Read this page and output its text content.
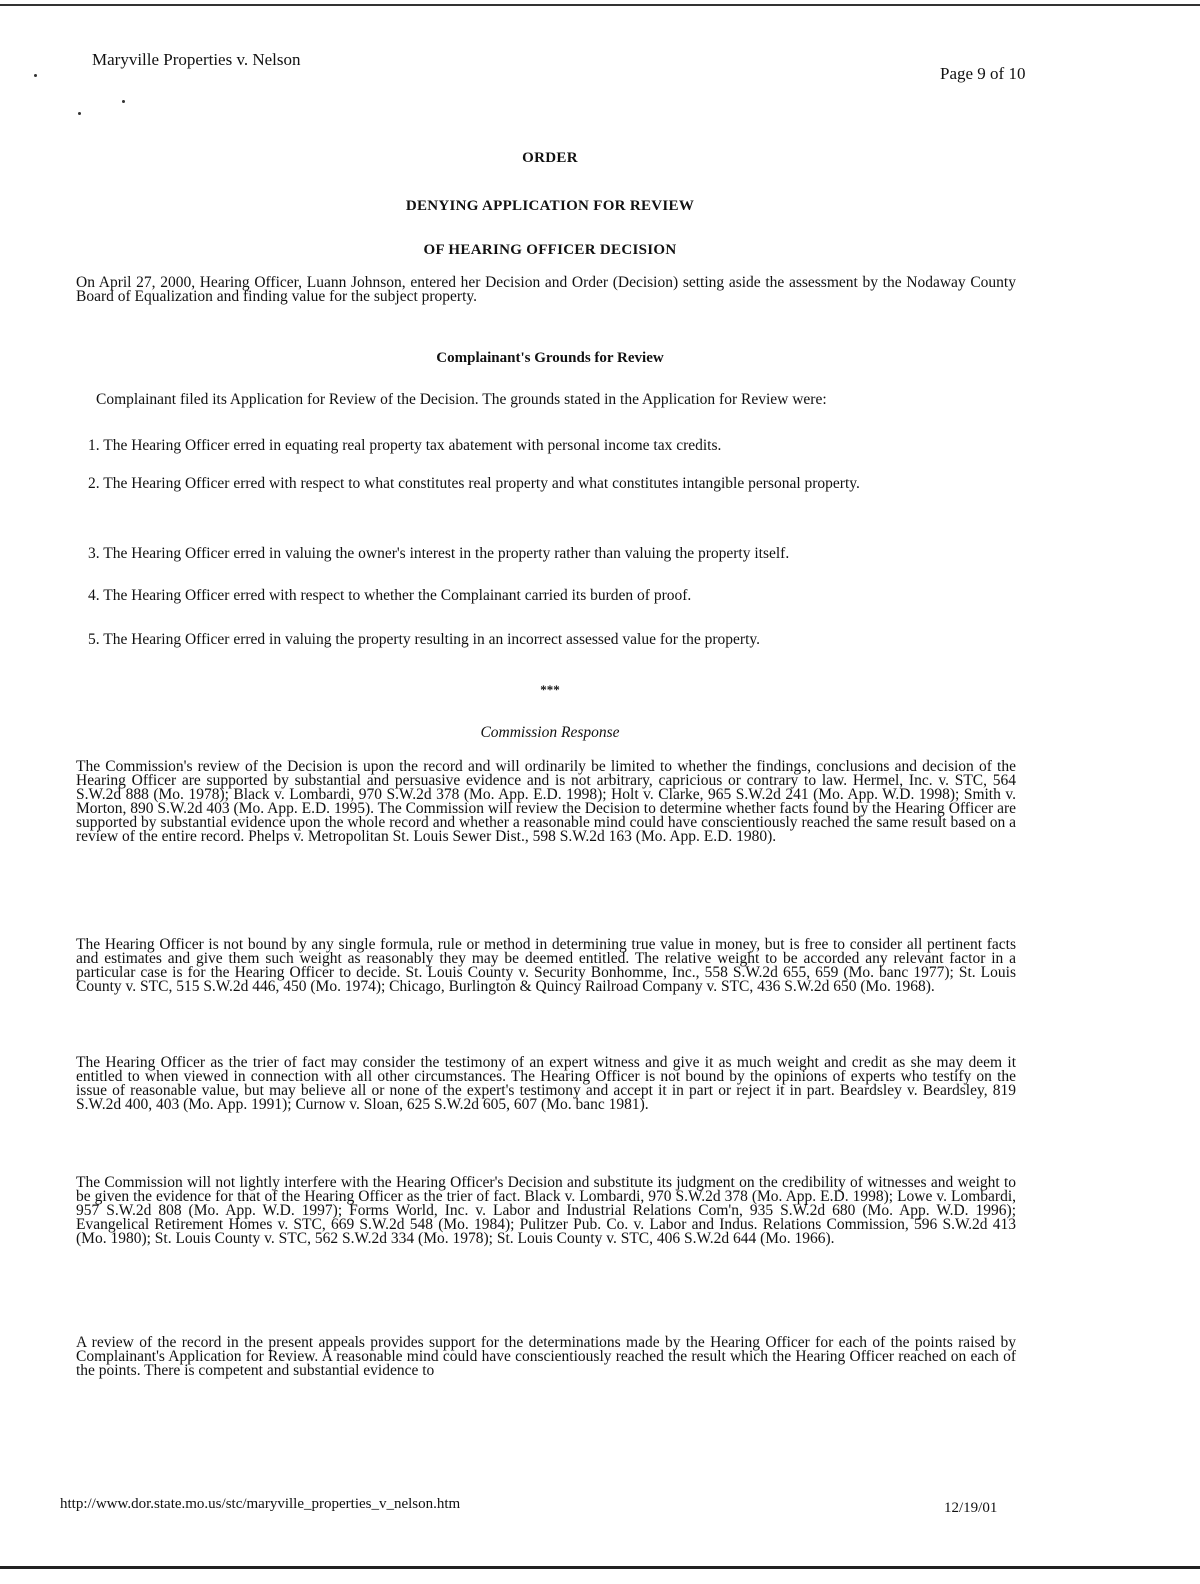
Maryville Properties v. Nelson
Page 9 of 10
ORDER
DENYING APPLICATION FOR REVIEW
OF HEARING OFFICER DECISION
On April 27, 2000, Hearing Officer, Luann Johnson, entered her Decision and Order (Decision) setting aside the assessment by the Nodaway County Board of Equalization and finding value for the subject property.
Complainant's Grounds for Review
Complainant filed its Application for Review of the Decision. The grounds stated in the Application for Review were:
1. The Hearing Officer erred in equating real property tax abatement with personal income tax credits.
2. The Hearing Officer erred with respect to what constitutes real property and what constitutes intangible personal property.
3. The Hearing Officer erred in valuing the owner's interest in the property rather than valuing the property itself.
4. The Hearing Officer erred with respect to whether the Complainant carried its burden of proof.
5. The Hearing Officer erred in valuing the property resulting in an incorrect assessed value for the property.
***
Commission Response
The Commission's review of the Decision is upon the record and will ordinarily be limited to whether the findings, conclusions and decision of the Hearing Officer are supported by substantial and persuasive evidence and is not arbitrary, capricious or contrary to law. Hermel, Inc. v. STC, 564 S.W.2d 888 (Mo. 1978); Black v. Lombardi, 970 S.W.2d 378 (Mo. App. E.D. 1998); Holt v. Clarke, 965 S.W.2d 241 (Mo. App. W.D. 1998); Smith v. Morton, 890 S.W.2d 403 (Mo. App. E.D. 1995). The Commission will review the Decision to determine whether facts found by the Hearing Officer are supported by substantial evidence upon the whole record and whether a reasonable mind could have conscientiously reached the same result based on a review of the entire record. Phelps v. Metropolitan St. Louis Sewer Dist., 598 S.W.2d 163 (Mo. App. E.D. 1980).
The Hearing Officer is not bound by any single formula, rule or method in determining true value in money, but is free to consider all pertinent facts and estimates and give them such weight as reasonably they may be deemed entitled. The relative weight to be accorded any relevant factor in a particular case is for the Hearing Officer to decide. St. Louis County v. Security Bonhomme, Inc., 558 S.W.2d 655, 659 (Mo. banc 1977); St. Louis County v. STC, 515 S.W.2d 446, 450 (Mo. 1974); Chicago, Burlington & Quincy Railroad Company v. STC, 436 S.W.2d 650 (Mo. 1968).
The Hearing Officer as the trier of fact may consider the testimony of an expert witness and give it as much weight and credit as she may deem it entitled to when viewed in connection with all other circumstances. The Hearing Officer is not bound by the opinions of experts who testify on the issue of reasonable value, but may believe all or none of the expert's testimony and accept it in part or reject it in part. Beardsley v. Beardsley, 819 S.W.2d 400, 403 (Mo. App. 1991); Curnow v. Sloan, 625 S.W.2d 605, 607 (Mo. banc 1981).
The Commission will not lightly interfere with the Hearing Officer's Decision and substitute its judgment on the credibility of witnesses and weight to be given the evidence for that of the Hearing Officer as the trier of fact. Black v. Lombardi, 970 S.W.2d 378 (Mo. App. E.D. 1998); Lowe v. Lombardi, 957 S.W.2d 808 (Mo. App. W.D. 1997); Forms World, Inc. v. Labor and Industrial Relations Com'n, 935 S.W.2d 680 (Mo. App. W.D. 1996); Evangelical Retirement Homes v. STC, 669 S.W.2d 548 (Mo. 1984); Pulitzer Pub. Co. v. Labor and Indus. Relations Commission, 596 S.W.2d 413 (Mo. 1980); St. Louis County v. STC, 562 S.W.2d 334 (Mo. 1978); St. Louis County v. STC, 406 S.W.2d 644 (Mo. 1966).
A review of the record in the present appeals provides support for the determinations made by the Hearing Officer for each of the points raised by Complainant's Application for Review. A reasonable mind could have conscientiously reached the result which the Hearing Officer reached on each of the points. There is competent and substantial evidence to
http://www.dor.state.mo.us/stc/maryville_properties_v_nelson.htm	12/19/01
